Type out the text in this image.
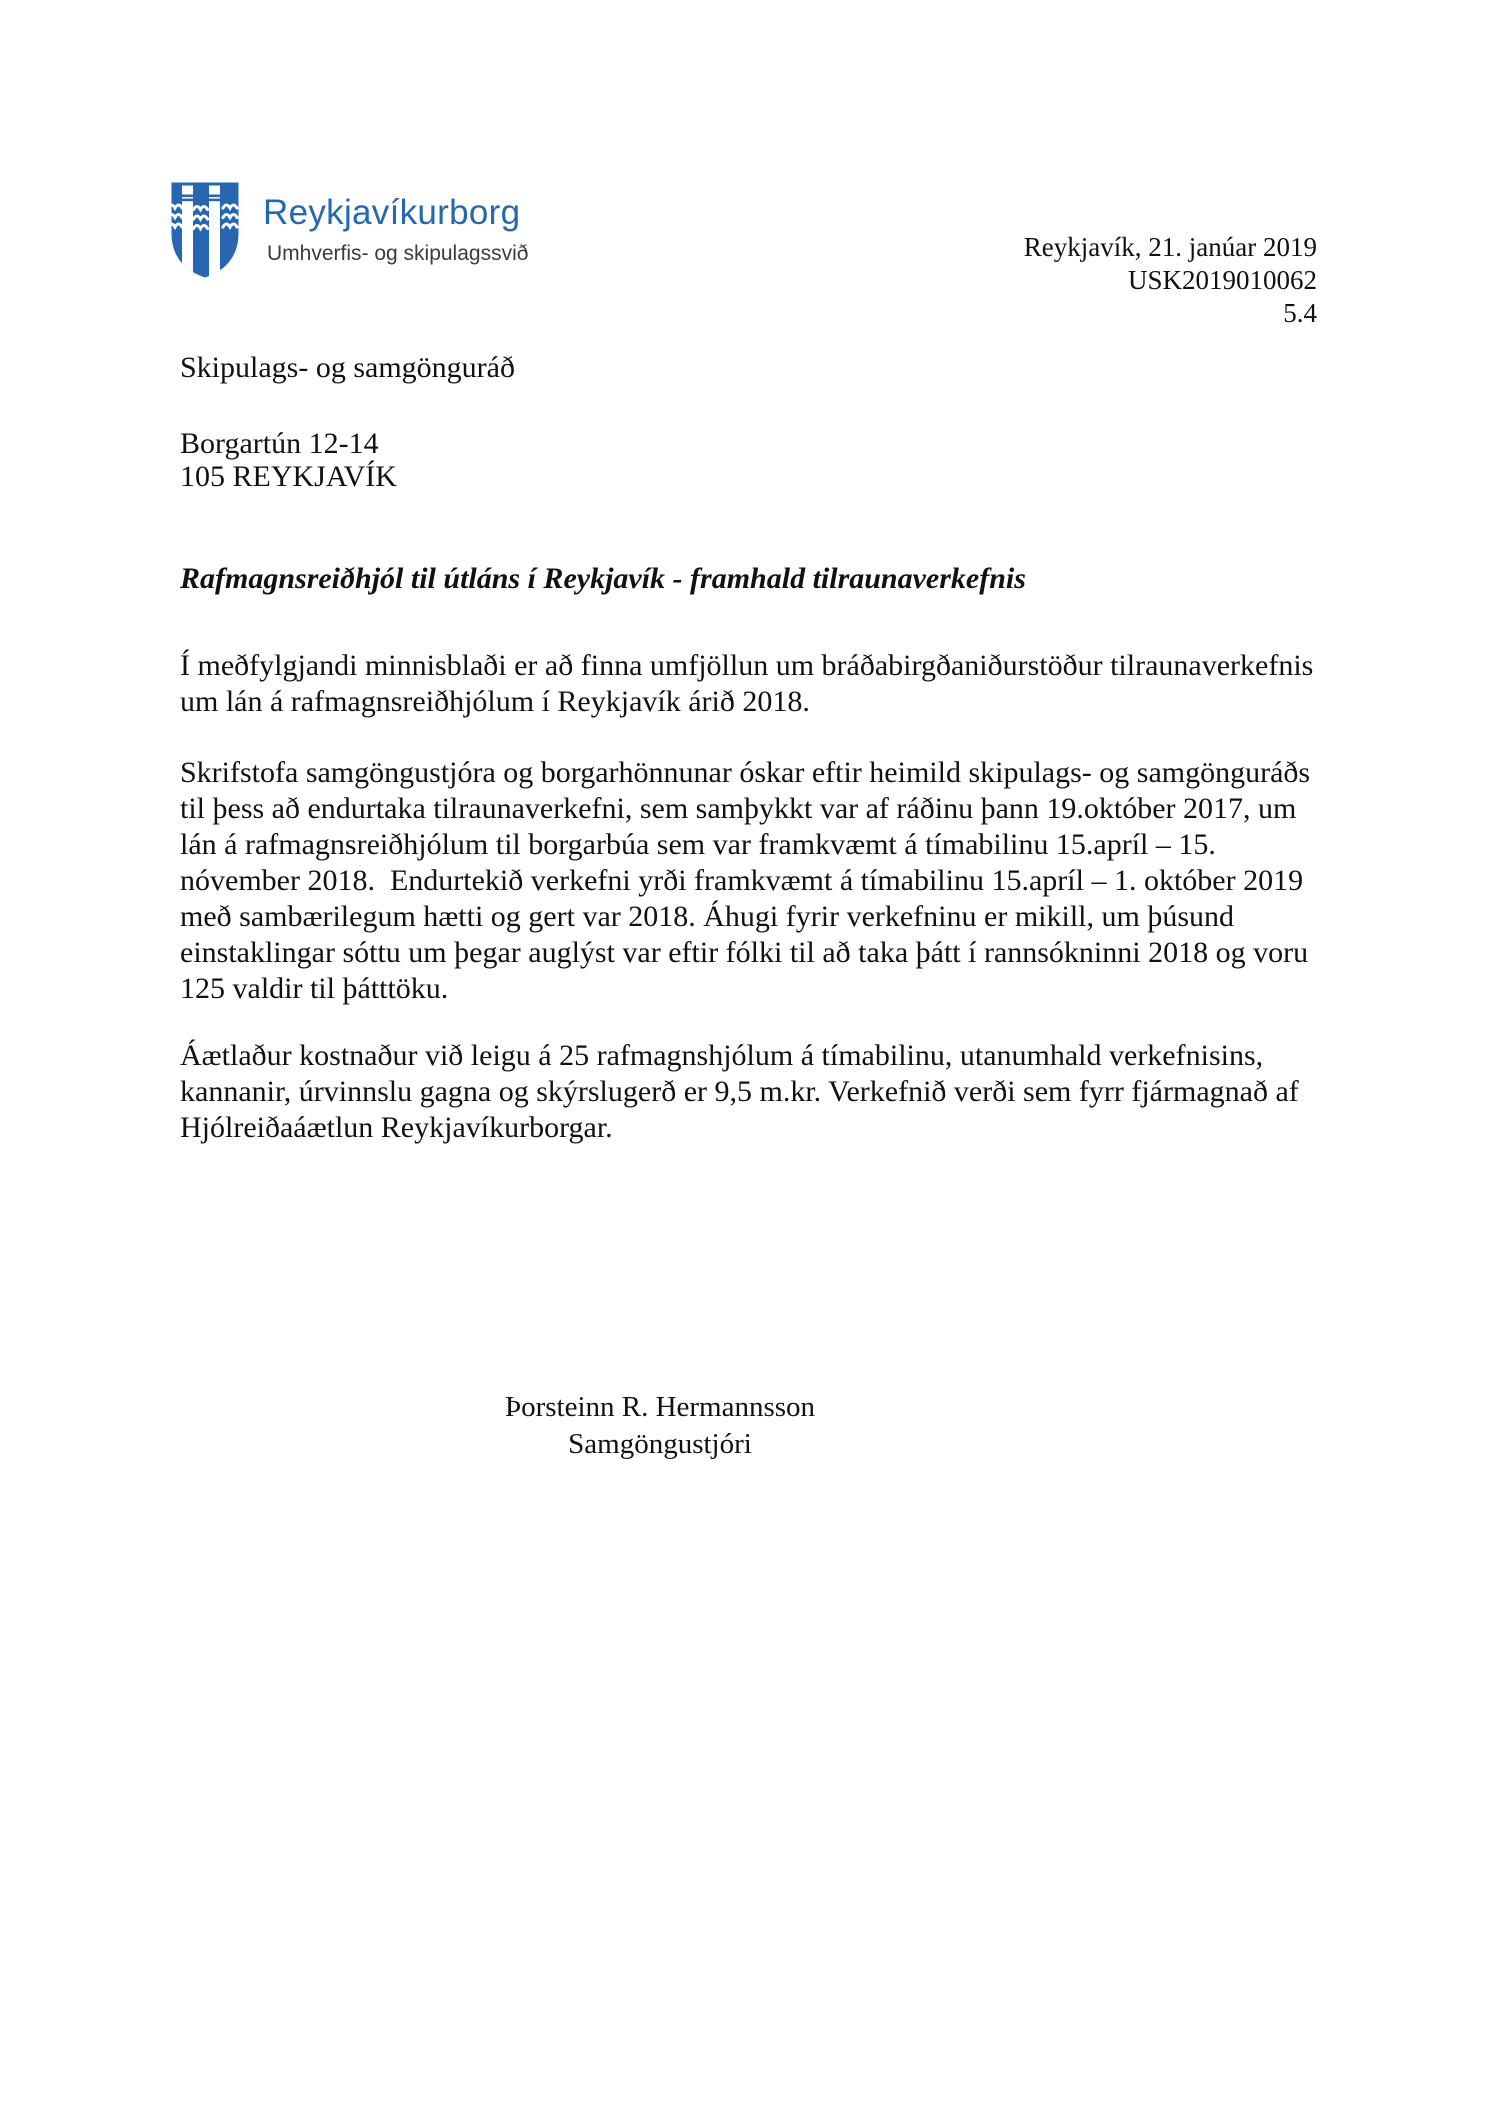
Reykjavíkurborg
Umhverfis- og skipulagssvið	Reykjavík, 21. janúar 2019
USK2019010062
5.4
Skipulags- og samgönguráð
Borgartún 12-14
105 REYKJAVÍK
Rafmagnsreiðhjól til útláns í Reykjavík - framhald tilraunaverkefnis
Í meðfylgjandi minnisblaði er að finna umfjöllun um bráðabirgðaniðurstöður tilraunaverkefnis
um lán á rafmagnsreiðhjólum í Reykjavík árið 2018.
Skrifstofa samgöngustjóra og borgarhönnunar óskar eftir heimild skipulags- og samgönguráðs
til þess að endurtaka tilraunaverkefni, sem samþykkt var af ráðinu þann 19.október 2017, um
lán á rafmagnsreiðhjólum til borgarbúa sem var framkvæmt á tímabilinu 15.apríl – 15.
nóvember 2018.  Endurtekið verkefni yrði framkvæmt á tímabilinu 15.apríl – 1. október 2019
með sambærilegum hætti og gert var 2018. Áhugi fyrir verkefninu er mikill, um þúsund
einstaklingar sóttu um þegar auglýst var eftir fólki til að taka þátt í rannsókninni 2018 og voru
125 valdir til þátttöku.
Áætlaður kostnaður við leigu á 25 rafmagnshjólum á tímabilinu, utanumhald verkefnisins,
kannanir, úrvinnslu gagna og skýrslugerð er 9,5 m.kr. Verkefnið verði sem fyrr fjármagnað af
Hjólreiðaáætlun Reykjavíkurborgar.
Þorsteinn R. Hermannsson
Samgöngustjóri
